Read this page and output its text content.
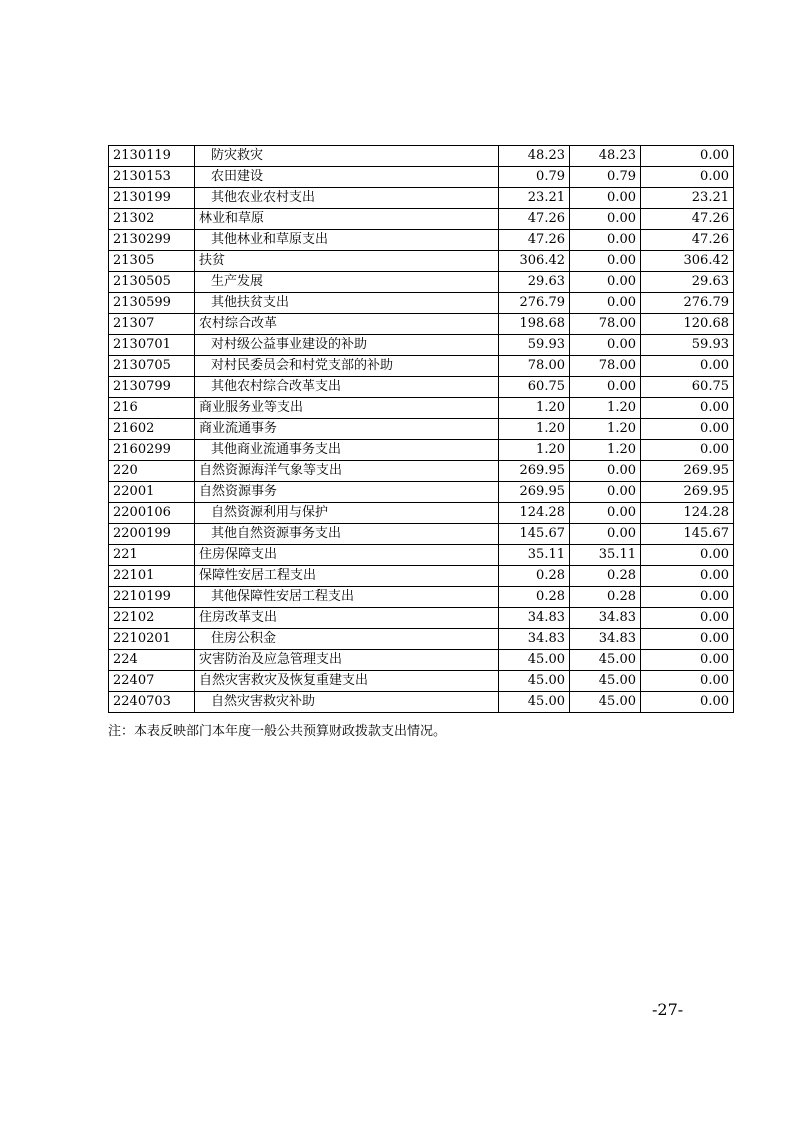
2130119	防灾救灾	48.23	48.23	0.00
2130153	农田建设	0.79	0.79	0.00
2130199	其他农业农村支出	23.21	0.00	23.21
21302	林业和草原	47.26	0.00	47.26
2130299	其他林业和草原支出	47.26	0.00	47.26
21305	扶贫	306.42	0.00	306.42
2130505	生产发展	29.63	0.00	29.63
2130599	其他扶贫支出	276.79	0.00	276.79
21307	农村综合改革	198.68	78.00	120.68
2130701	对村级公益事业建设的补助	59.93	0.00	59.93
2130705	对村民委员会和村党支部的补助	78.00	78.00	0.00
2130799	其他农村综合改革支出	60.75	0.00	60.75
216	商业服务业等支出	1.20	1.20	0.00
21602	商业流通事务	1.20	1.20	0.00
2160299	其他商业流通事务支出	1.20	1.20	0.00
220	自然资源海洋气象等支出	269.95	0.00	269.95
22001	自然资源事务	269.95	0.00	269.95
2200106	自然资源利用与保护	124.28	0.00	124.28
2200199	其他自然资源事务支出	145.67	0.00	145.67
221	住房保障支出	35.11	35.11	0.00
22101	保障性安居工程支出	0.28	0.28	0.00
2210199	其他保障性安居工程支出	0.28	0.28	0.00
22102	住房改革支出	34.83	34.83	0.00
2210201	住房公积金	34.83	34.83	0.00
224	灾害防治及应急管理支出	45.00	45.00	0.00
22407	自然灾害救灾及恢复重建支出	45.00	45.00	0.00
2240703	自然灾害救灾补助	45.00	45.00	0.00
注：本表反映部门本年度一般公共预算财政拨款支出情况。
-27-
